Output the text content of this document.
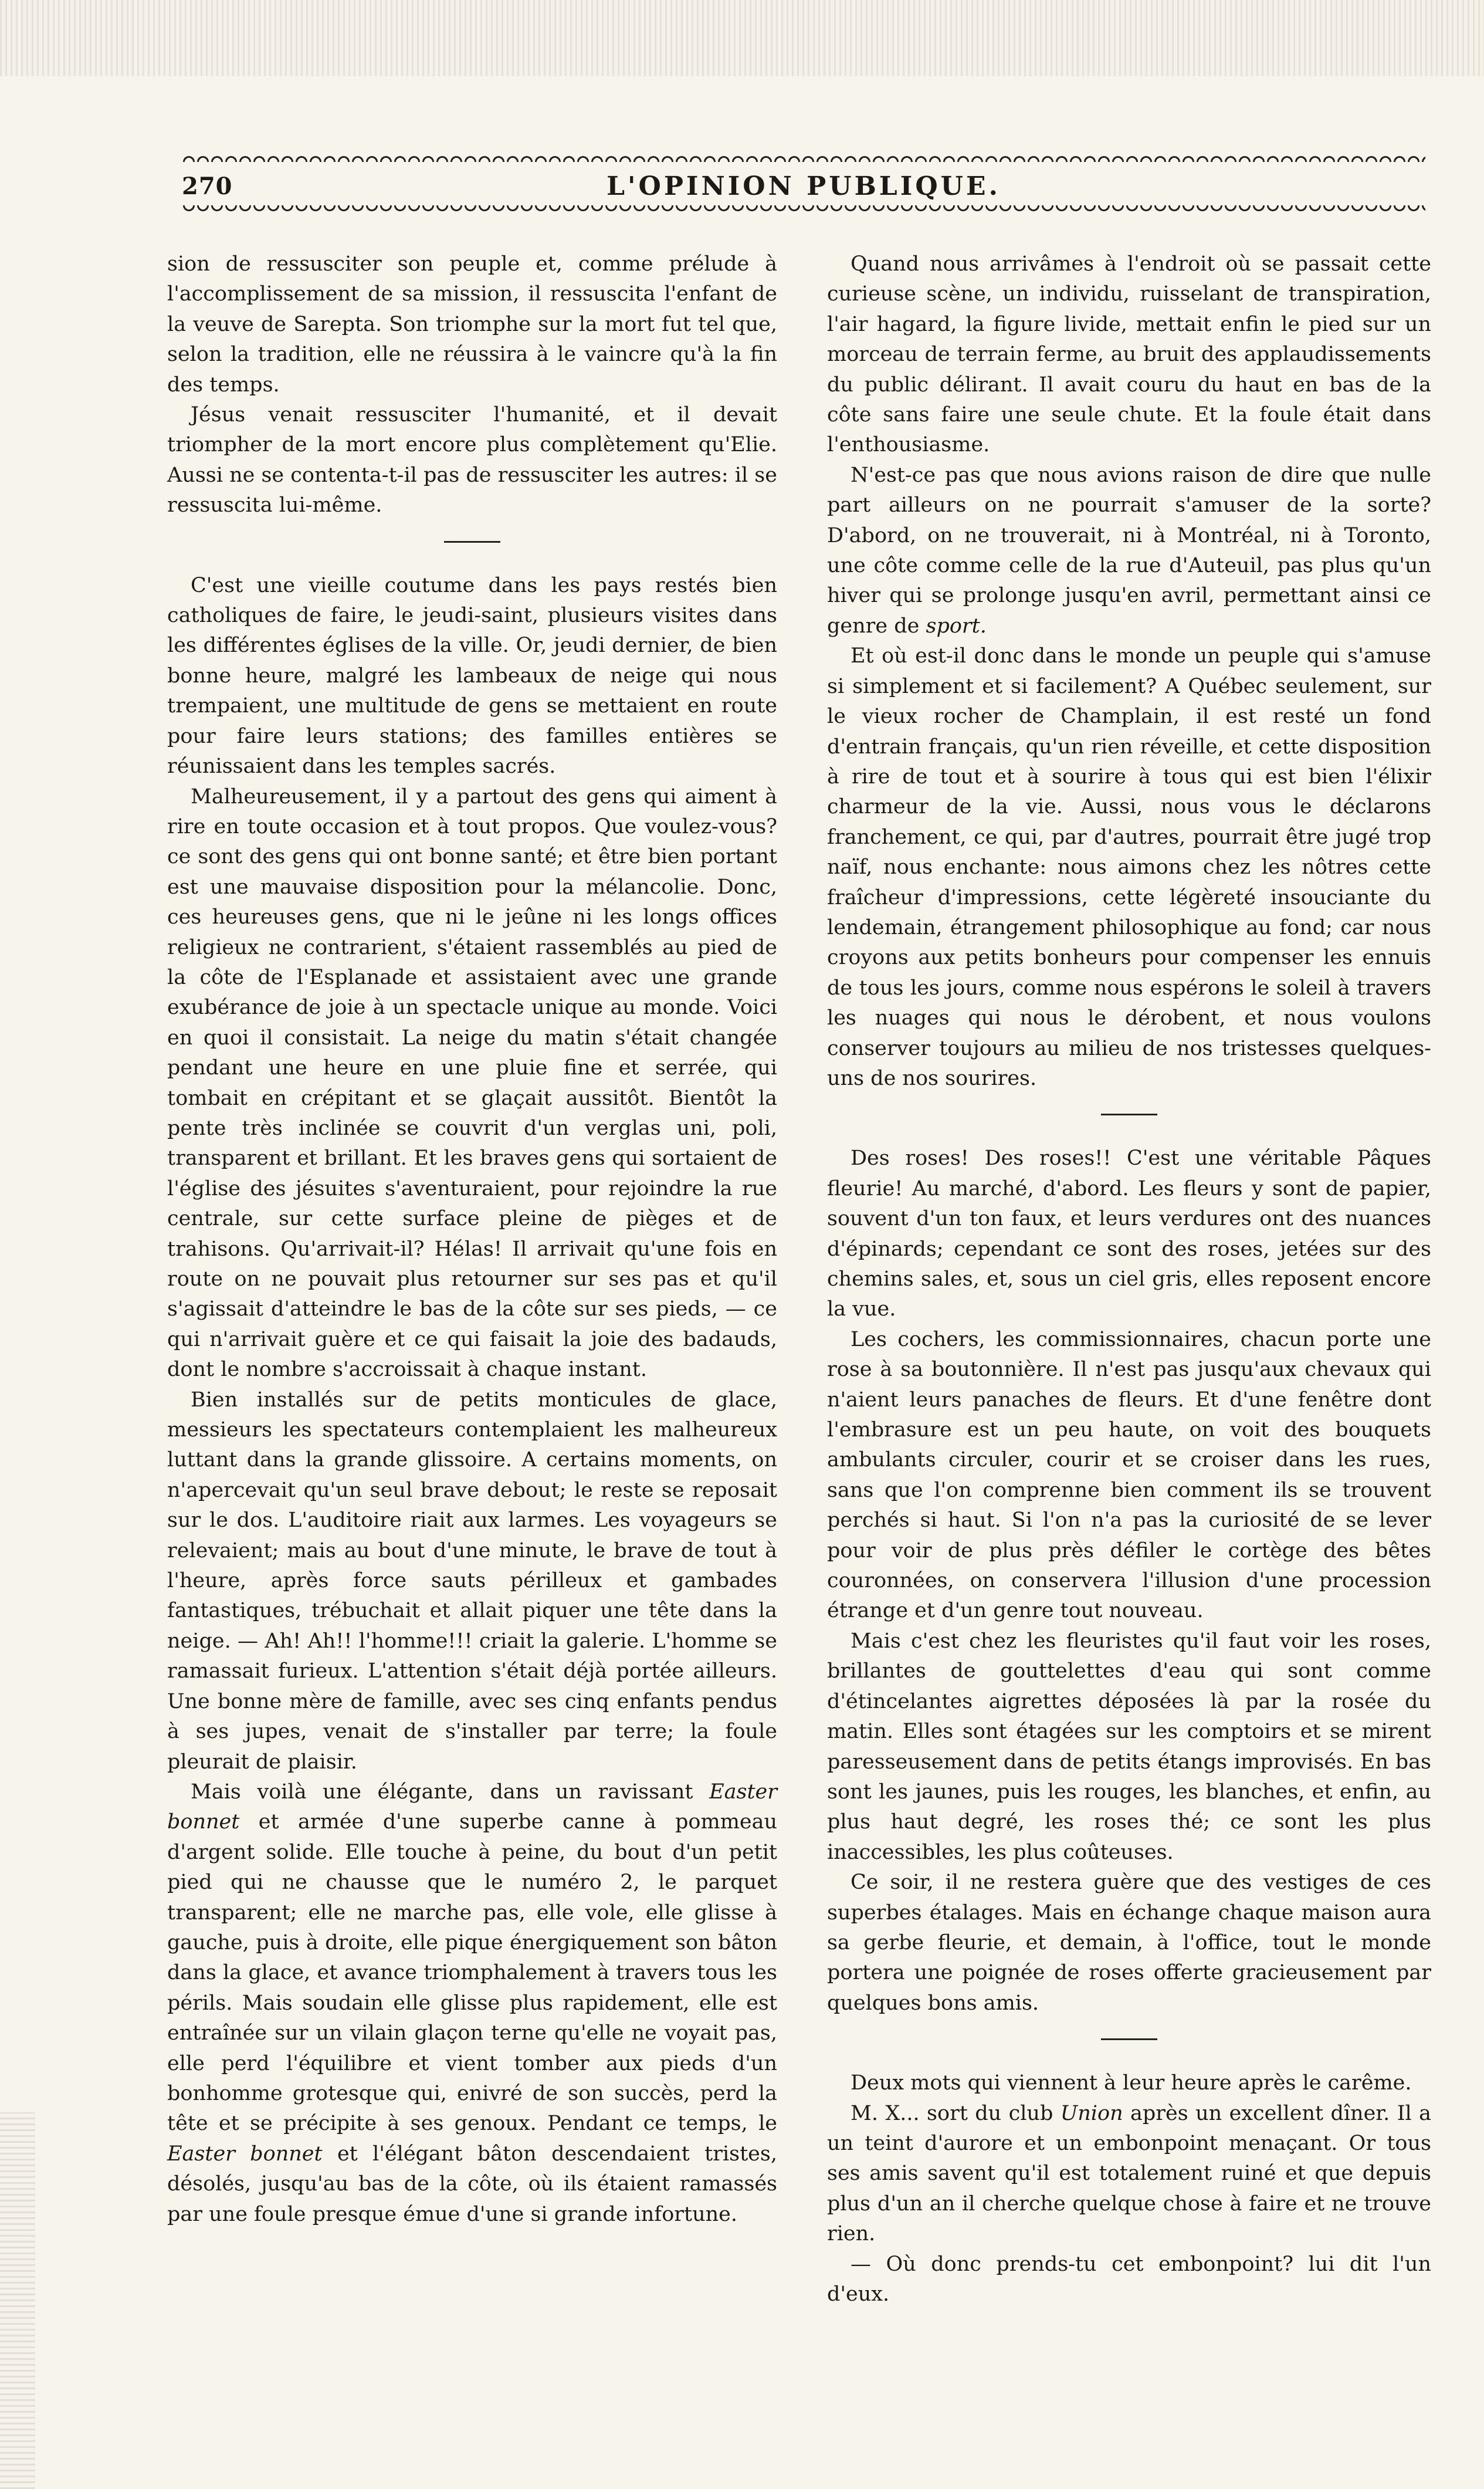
270	L'OPINION PUBLIQUE.

sion de ressusciter son peuple et, comme prélude à l'accomplissement de sa mission, il ressuscita l'enfant de la veuve de Sarepta. Son triomphe sur la mort fut tel que, selon la tradition, elle ne réussira à le vaincre qu'à la fin des temps.

Jésus venait ressusciter l'humanité, et il devait triompher de la mort encore plus complètement qu'Elie. Aussi ne se contenta-t-il pas de ressusciter les autres: il se ressuscita lui-même.

C'est une vieille coutume dans les pays restés bien catholiques de faire, le jeudi-saint, plusieurs visites dans les différentes églises de la ville. Or, jeudi dernier, de bien bonne heure, malgré les lambeaux de neige qui nous trempaient, une multitude de gens se mettaient en route pour faire leurs stations; des familles entières se réunissaient dans les temples sacrés.

Malheureusement, il y a partout des gens qui aiment à rire en toute occasion et à tout propos. Que voulez-vous? ce sont des gens qui ont bonne santé; et être bien portant est une mauvaise disposition pour la mélancolie. Donc, ces heureuses gens, que ni le jeûne ni les longs offices religieux ne contrarient, s'étaient rassemblés au pied de la côte de l'Esplanade et assistaient avec une grande exubérance de joie à un spectacle unique au monde. Voici en quoi il consistait. La neige du matin s'était changée pendant une heure en une pluie fine et serrée, qui tombait en crépitant et se glaçait aussitôt. Bientôt la pente très inclinée se couvrit d'un verglas uni, poli, transparent et brillant. Et les braves gens qui sortaient de l'église des jésuites s'aventuraient, pour rejoindre la rue centrale, sur cette surface pleine de pièges et de trahisons. Qu'arrivait-il? Hélas! Il arrivait qu'une fois en route on ne pouvait plus retourner sur ses pas et qu'il s'agissait d'atteindre le bas de la côte sur ses pieds, — ce qui n'arrivait guère et ce qui faisait la joie des badauds, dont le nombre s'accroissait à chaque instant.

Bien installés sur de petits monticules de glace, messieurs les spectateurs contemplaient les malheureux luttant dans la grande glissoire. A certains moments, on n'apercevait qu'un seul brave debout; le reste se reposait sur le dos. L'auditoire riait aux larmes. Les voyageurs se relevaient; mais au bout d'une minute, le brave de tout à l'heure, après force sauts périlleux et gambades fantastiques, trébuchait et allait piquer une tête dans la neige. — Ah! Ah!! l'homme!!! criait la galerie. L'homme se ramassait furieux. L'attention s'était déjà portée ailleurs. Une bonne mère de famille, avec ses cinq enfants pendus à ses jupes, venait de s'installer par terre; la foule pleurait de plaisir.

Mais voilà une élégante, dans un ravissant Easter bonnet et armée d'une superbe canne à pommeau d'argent solide. Elle touche à peine, du bout d'un petit pied qui ne chausse que le numéro 2, le parquet transparent; elle ne marche pas, elle vole, elle glisse à gauche, puis à droite, elle pique énergiquement son bâton dans la glace, et avance triomphalement à travers tous les périls. Mais soudain elle glisse plus rapidement, elle est entraînée sur un vilain glaçon terne qu'elle ne voyait pas, elle perd l'équilibre et vient tomber aux pieds d'un bonhomme grotesque qui, enivré de son succès, perd la tête et se précipite à ses genoux. Pendant ce temps, le Easter bonnet et l'élégant bâton descendaient tristes, désolés, jusqu'au bas de la côte, où ils étaient ramassés par une foule presque émue d'une si grande infortune.

Quand nous arrivâmes à l'endroit où se passait cette curieuse scène, un individu, ruisselant de transpiration, l'air hagard, la figure livide, mettait enfin le pied sur un morceau de terrain ferme, au bruit des applaudissements du public délirant. Il avait couru du haut en bas de la côte sans faire une seule chute. Et la foule était dans l'enthousiasme.

N'est-ce pas que nous avions raison de dire que nulle part ailleurs on ne pourrait s'amuser de la sorte? D'abord, on ne trouverait, ni à Montréal, ni à Toronto, une côte comme celle de la rue d'Auteuil, pas plus qu'un hiver qui se prolonge jusqu'en avril, permettant ainsi ce genre de sport.

Et où est-il donc dans le monde un peuple qui s'amuse si simplement et si facilement? A Québec seulement, sur le vieux rocher de Champlain, il est resté un fond d'entrain français, qu'un rien réveille, et cette disposition à rire de tout et à sourire à tous qui est bien l'élixir charmeur de la vie. Aussi, nous vous le déclarons franchement, ce qui, par d'autres, pourrait être jugé trop naïf, nous enchante: nous aimons chez les nôtres cette fraîcheur d'impressions, cette légèreté insouciante du lendemain, étrangement philosophique au fond; car nous croyons aux petits bonheurs pour compenser les ennuis de tous les jours, comme nous espérons le soleil à travers les nuages qui nous le dérobent, et nous voulons conserver toujours au milieu de nos tristesses quelques-uns de nos sourires.

Des roses! Des roses!! C'est une véritable Pâques fleurie! Au marché, d'abord. Les fleurs y sont de papier, souvent d'un ton faux, et leurs verdures ont des nuances d'épinards; cependant ce sont des roses, jetées sur des chemins sales, et, sous un ciel gris, elles reposent encore la vue.

Les cochers, les commissionnaires, chacun porte une rose à sa boutonnière. Il n'est pas jusqu'aux chevaux qui n'aient leurs panaches de fleurs. Et d'une fenêtre dont l'embrasure est un peu haute, on voit des bouquets ambulants circuler, courir et se croiser dans les rues, sans que l'on comprenne bien comment ils se trouvent perchés si haut. Si l'on n'a pas la curiosité de se lever pour voir de plus près défiler le cortège des bêtes couronnées, on conservera l'illusion d'une procession étrange et d'un genre tout nouveau.

Mais c'est chez les fleuristes qu'il faut voir les roses, brillantes de gouttelettes d'eau qui sont comme d'étincelantes aigrettes déposées là par la rosée du matin. Elles sont étagées sur les comptoirs et se mirent paresseusement dans de petits étangs improvisés. En bas sont les jaunes, puis les rouges, les blanches, et enfin, au plus haut degré, les roses thé; ce sont les plus inaccessibles, les plus coûteuses.

Ce soir, il ne restera guère que des vestiges de ces superbes étalages. Mais en échange chaque maison aura sa gerbe fleurie, et demain, à l'office, tout le monde portera une poignée de roses offerte gracieusement par quelques bons amis.

Deux mots qui viennent à leur heure après le carême.

M. X... sort du club Union après un excellent dîner. Il a un teint d'aurore et un embonpoint menaçant. Or tous ses amis savent qu'il est totalement ruiné et que depuis plus d'un an il cherche quelque chose à faire et ne trouve rien.

— Où donc prends-tu cet embonpoint? lui dit l'un d'eux.
